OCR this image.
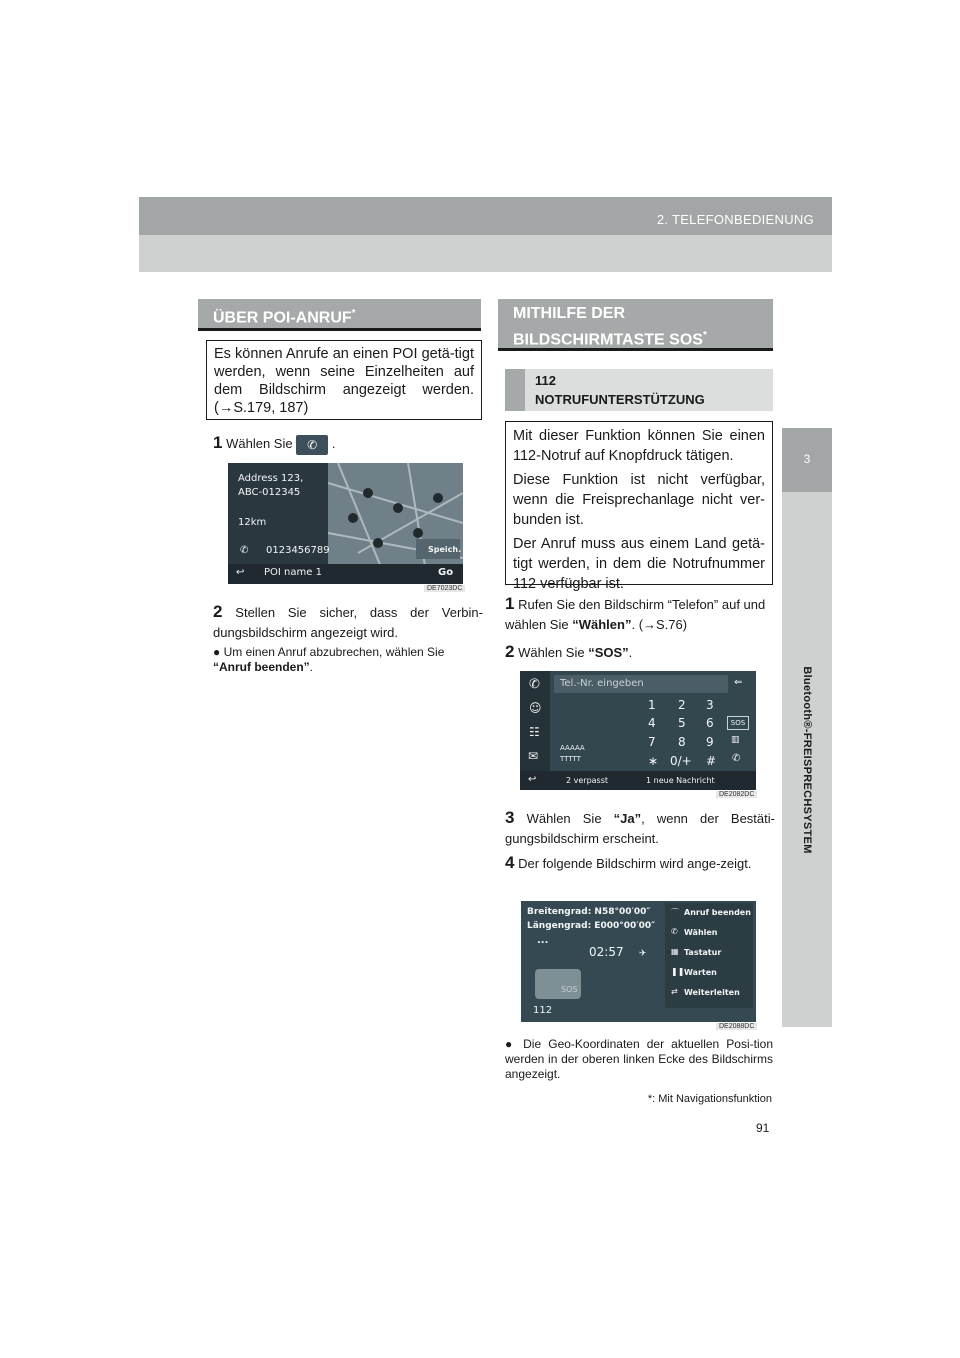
2. TELEFONBEDIENUNG
3
Bluetooth®-FREISPRECHSYSTEM
ÜBER POI-ANRUF*
Es können Anrufe an einen POI getä-tigt werden, wenn seine Einzelheiten auf dem Bildschirm angezeigt werden. (→S.179, 187)
1 Wählen Sie ✆ .
Address 123,
ABC-012345
12km
✆ 0123456789	Speich.
↩ POI name 1	Go
DE7023DC
2 Stellen Sie sicher, dass der Verbin-dungsbildschirm angezeigt wird.
● Um einen Anruf abzubrechen, wählen Sie “Anruf beenden”.
MITHILFE DER
BILDSCHIRMTASTE SOS*
112
NOTRUFUNTERSTÜTZUNG

Mit dieser Funktion können Sie einen 112-Notruf auf Knopfdruck tätigen.

Diese Funktion ist nicht verfügbar, wenn die Freisprechanlage nicht ver-bunden ist.

Der Anruf muss aus einem Land getä-tigt werden, in dem die Notrufnummer 112 verfügbar ist.

1 Rufen Sie den Bildschirm “Telefon” auf und wählen Sie “Wählen”. (→S.76)
2 Wählen Sie “SOS”.
✆
☺
☷
✉
Tel.-Nr. eingeben	⇐
1 2 3
4 5 6
7 8 9
∗ 0/+ #
SOS
▥
✆
AAAAA
TTTTT
↩	2 verpasst	1 neue Nachricht
DE2082DC
3 Wählen Sie “Ja”, wenn der Bestäti-gungsbildschirm erscheint.
4 Der folgende Bildschirm wird ange-zeigt.
Breitengrad: N58°00′00″
Längengrad: E000°00′00″
...
02:57 ✈
SOS
112
⌒ Anruf beenden
✆ Wählen
▦ Tastatur
❚❚ Warten
⇄ Weiterleiten
DE2088DC
● Die Geo-Koordinaten der aktuellen Posi-tion werden in der oberen linken Ecke des Bildschirms angezeigt.
*: Mit Navigationsfunktion
91
